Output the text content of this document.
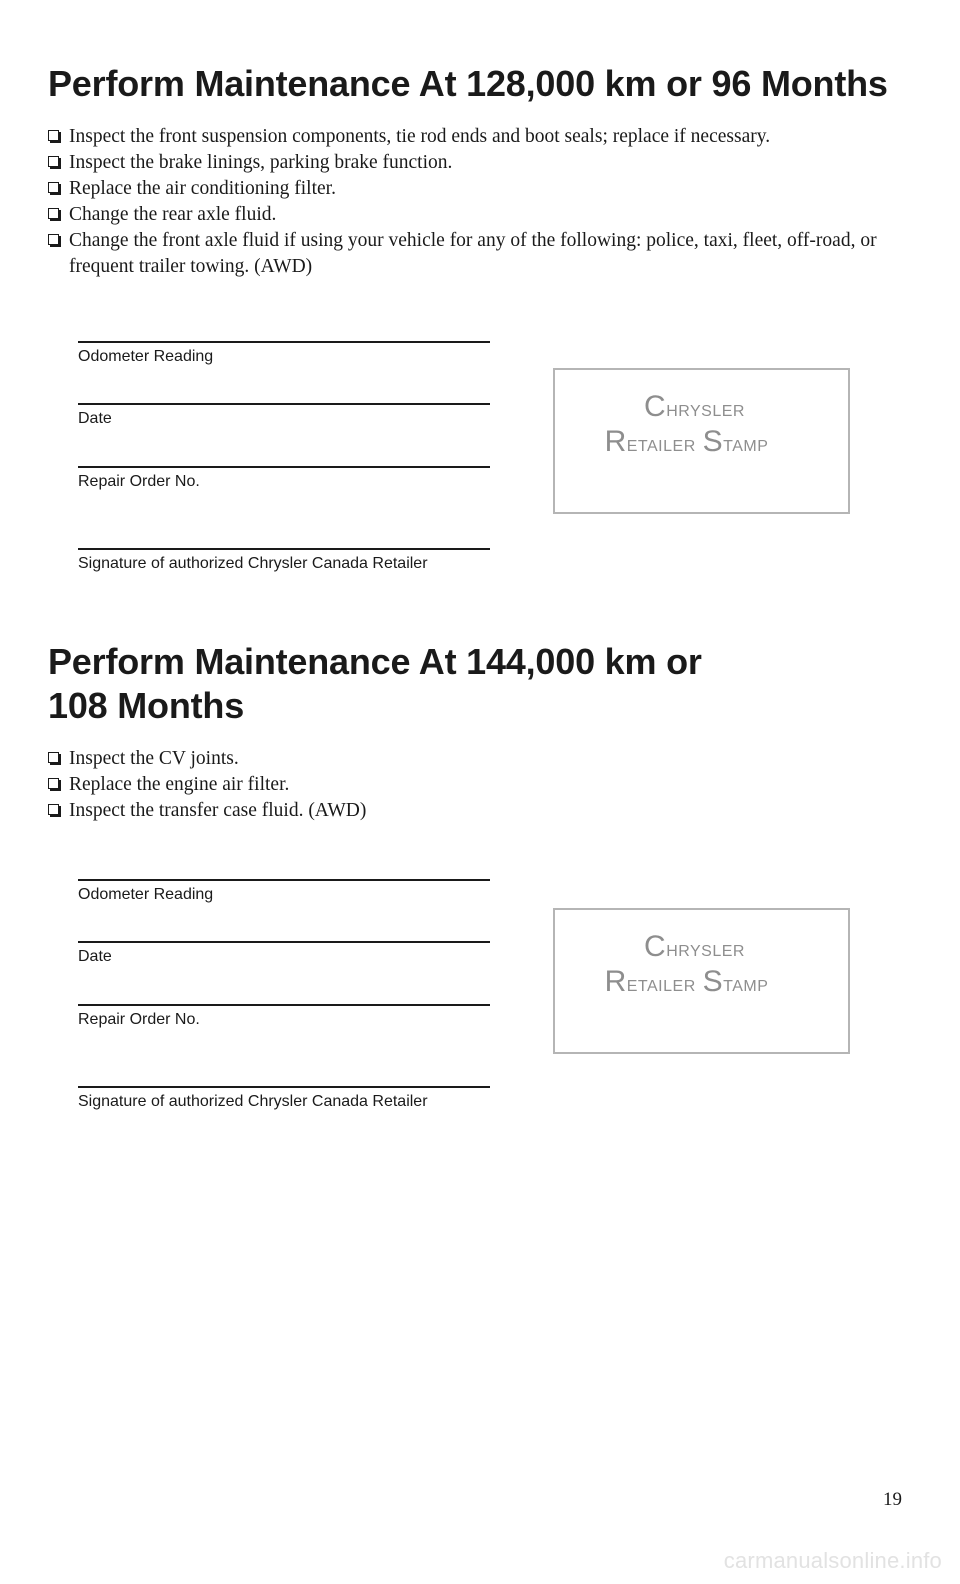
Perform Maintenance At 128,000 km or 96 Months
Inspect the front suspension components, tie rod ends and boot seals; replace if necessary.
Inspect the brake linings, parking brake function.
Replace the air conditioning filter.
Change the rear axle fluid.
Change the front axle fluid if using your vehicle for any of the following: police, taxi, fleet, off-road, or frequent trailer towing. (AWD)
Odometer Reading
Date
Repair Order No.
Signature of authorized Chrysler Canada Retailer
Chrysler
Retailer Stamp
Perform Maintenance At 144,000 km or
108 Months
Inspect the CV joints.
Replace the engine air filter.
Inspect the transfer case fluid. (AWD)
Odometer Reading
Date
Repair Order No.
Signature of authorized Chrysler Canada Retailer
Chrysler
Retailer Stamp
19
carmanualsonline.info
